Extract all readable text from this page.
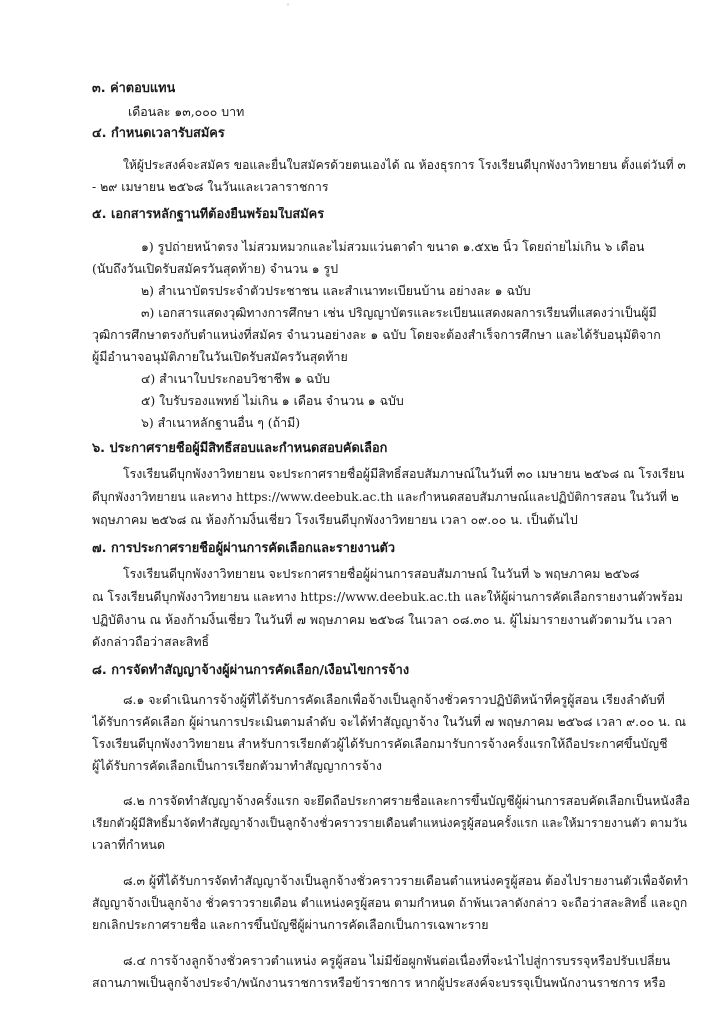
∘
๓. ค่าตอบแทน
เดือนละ ๑๓,๐๐๐ บาท
๔. กำหนดเวลารับสมัคร
ให้ผู้ประสงค์จะสมัคร ขอและยื่นใบสมัครด้วยตนเองได้ ณ ห้องธุรการ โรงเรียนดีบุกพังงาวิทยายน ตั้งแต่วันที่ ๓
- ๒๙ เมษายน ๒๕๖๘ ในวันและเวลาราชการ
๕. เอกสารหลักฐานที่ต้องยื่นพร้อมใบสมัคร
๑) รูปถ่ายหน้าตรง ไม่สวมหมวกและไม่สวมแว่นตาดำ ขนาด ๑.๕x๒ นิ้ว โดยถ่ายไม่เกิน ๖ เดือน
(นับถึงวันเปิดรับสมัครวันสุดท้าย) จำนวน ๑ รูป
๒) สำเนาบัตรประจำตัวประชาชน และสำเนาทะเบียนบ้าน อย่างละ ๑ ฉบับ
๓) เอกสารแสดงวุฒิทางการศึกษา เช่น ปริญญาบัตรและระเบียนแสดงผลการเรียนที่แสดงว่าเป็นผู้มี
วุฒิการศึกษาตรงกับตำแหน่งที่สมัคร จำนวนอย่างละ ๑ ฉบับ โดยจะต้องสำเร็จการศึกษา และได้รับอนุมัติจาก
ผู้มีอำนาจอนุมัติภายในวันเปิดรับสมัครวันสุดท้าย
๔) สำเนาใบประกอบวิชาชีพ ๑ ฉบับ
๕) ใบรับรองแพทย์ ไม่เกิน ๑ เดือน จำนวน ๑ ฉบับ
๖) สำเนาหลักฐานอื่น ๆ (ถ้ามี)
๖. ประกาศรายชื่อผู้มีสิทธิ์สอบและกำหนดสอบคัดเลือก
โรงเรียนดีบุกพังงาวิทยายน จะประกาศรายชื่อผู้มีสิทธิ์สอบสัมภาษณ์ในวันที่ ๓๐ เมษายน ๒๕๖๘ ณ โรงเรียน
ดีบุกพังงาวิทยายน และทาง https://www.deebuk.ac.th และกำหนดสอบสัมภาษณ์และปฏิบัติการสอน ในวันที่ ๒
พฤษภาคม ๒๕๖๘ ณ ห้องก้ามงิ้นเชี่ยว โรงเรียนดีบุกพังงาวิทยายน เวลา ๐๙.๐๐ น. เป็นต้นไป
๗. การประกาศรายชื่อผู้ผ่านการคัดเลือกและรายงานตัว
โรงเรียนดีบุกพังงาวิทยายน จะประกาศรายชื่อผู้ผ่านการสอบสัมภาษณ์ ในวันที่ ๖ พฤษภาคม ๒๕๖๘
ณ โรงเรียนดีบุกพังงาวิทยายน และทาง https://www.deebuk.ac.th และให้ผู้ผ่านการคัดเลือกรายงานตัวพร้อม
ปฏิบัติงาน ณ ห้องก้ามงิ้นเชี่ยว ในวันที่ ๗ พฤษภาคม ๒๕๖๘ ในเวลา ๐๘.๓๐ น. ผู้ไม่มารายงานตัวตามวัน เวลา
ดังกล่าวถือว่าสละสิทธิ์
๘. การจัดทำสัญญาจ้างผู้ผ่านการคัดเลือก/เงื่อนไขการจ้าง
๘.๑ จะดำเนินการจ้างผู้ที่ได้รับการคัดเลือกเพื่อจ้างเป็นลูกจ้างชั่วคราวปฏิบัติหน้าที่ครูผู้สอน เรียงลำดับที่
ได้รับการคัดเลือก ผู้ผ่านการประเมินตามลำดับ จะได้ทำสัญญาจ้าง ในวันที่ ๗ พฤษภาคม ๒๕๖๘ เวลา ๙.๐๐ น. ณ
โรงเรียนดีบุกพังงาวิทยายน สำหรับการเรียกตัวผู้ได้รับการคัดเลือกมารับการจ้างครั้งแรกให้ถือประกาศขึ้นบัญชี
ผู้ได้รับการคัดเลือกเป็นการเรียกตัวมาทำสัญญาการจ้าง
๘.๒ การจัดทำสัญญาจ้างครั้งแรก จะยึดถือประกาศรายชื่อและการขึ้นบัญชีผู้ผ่านการสอบคัดเลือกเป็นหนังสือ
เรียกตัวผู้มีสิทธิ์มาจัดทำสัญญาจ้างเป็นลูกจ้างชั่วคราวรายเดือนตำแหน่งครูผู้สอนครั้งแรก และให้มารายงานตัว ตามวัน
เวลาที่กำหนด
๘.๓ ผู้ที่ได้รับการจัดทำสัญญาจ้างเป็นลูกจ้างชั่วคราวรายเดือนตำแหน่งครูผู้สอน ต้องไปรายงานตัวเพื่อจัดทำ
สัญญาจ้างเป็นลูกจ้าง ชั่วคราวรายเดือน ตำแหน่งครูผู้สอน ตามกำหนด ถ้าพ้นเวลาดังกล่าว จะถือว่าสละสิทธิ์ และถูก
ยกเลิกประกาศรายชื่อ และการขึ้นบัญชีผู้ผ่านการคัดเลือกเป็นการเฉพาะราย
๘.๔ การจ้างลูกจ้างชั่วคราวตำแหน่ง ครูผู้สอน ไม่มีข้อผูกพันต่อเนื่องที่จะนำไปสู่การบรรจุหรือปรับเปลี่ยน
สถานภาพเป็นลูกจ้างประจำ/พนักงานราชการหรือข้าราชการ หากผู้ประสงค์จะบรรจุเป็นพนักงานราชการ หรือ
